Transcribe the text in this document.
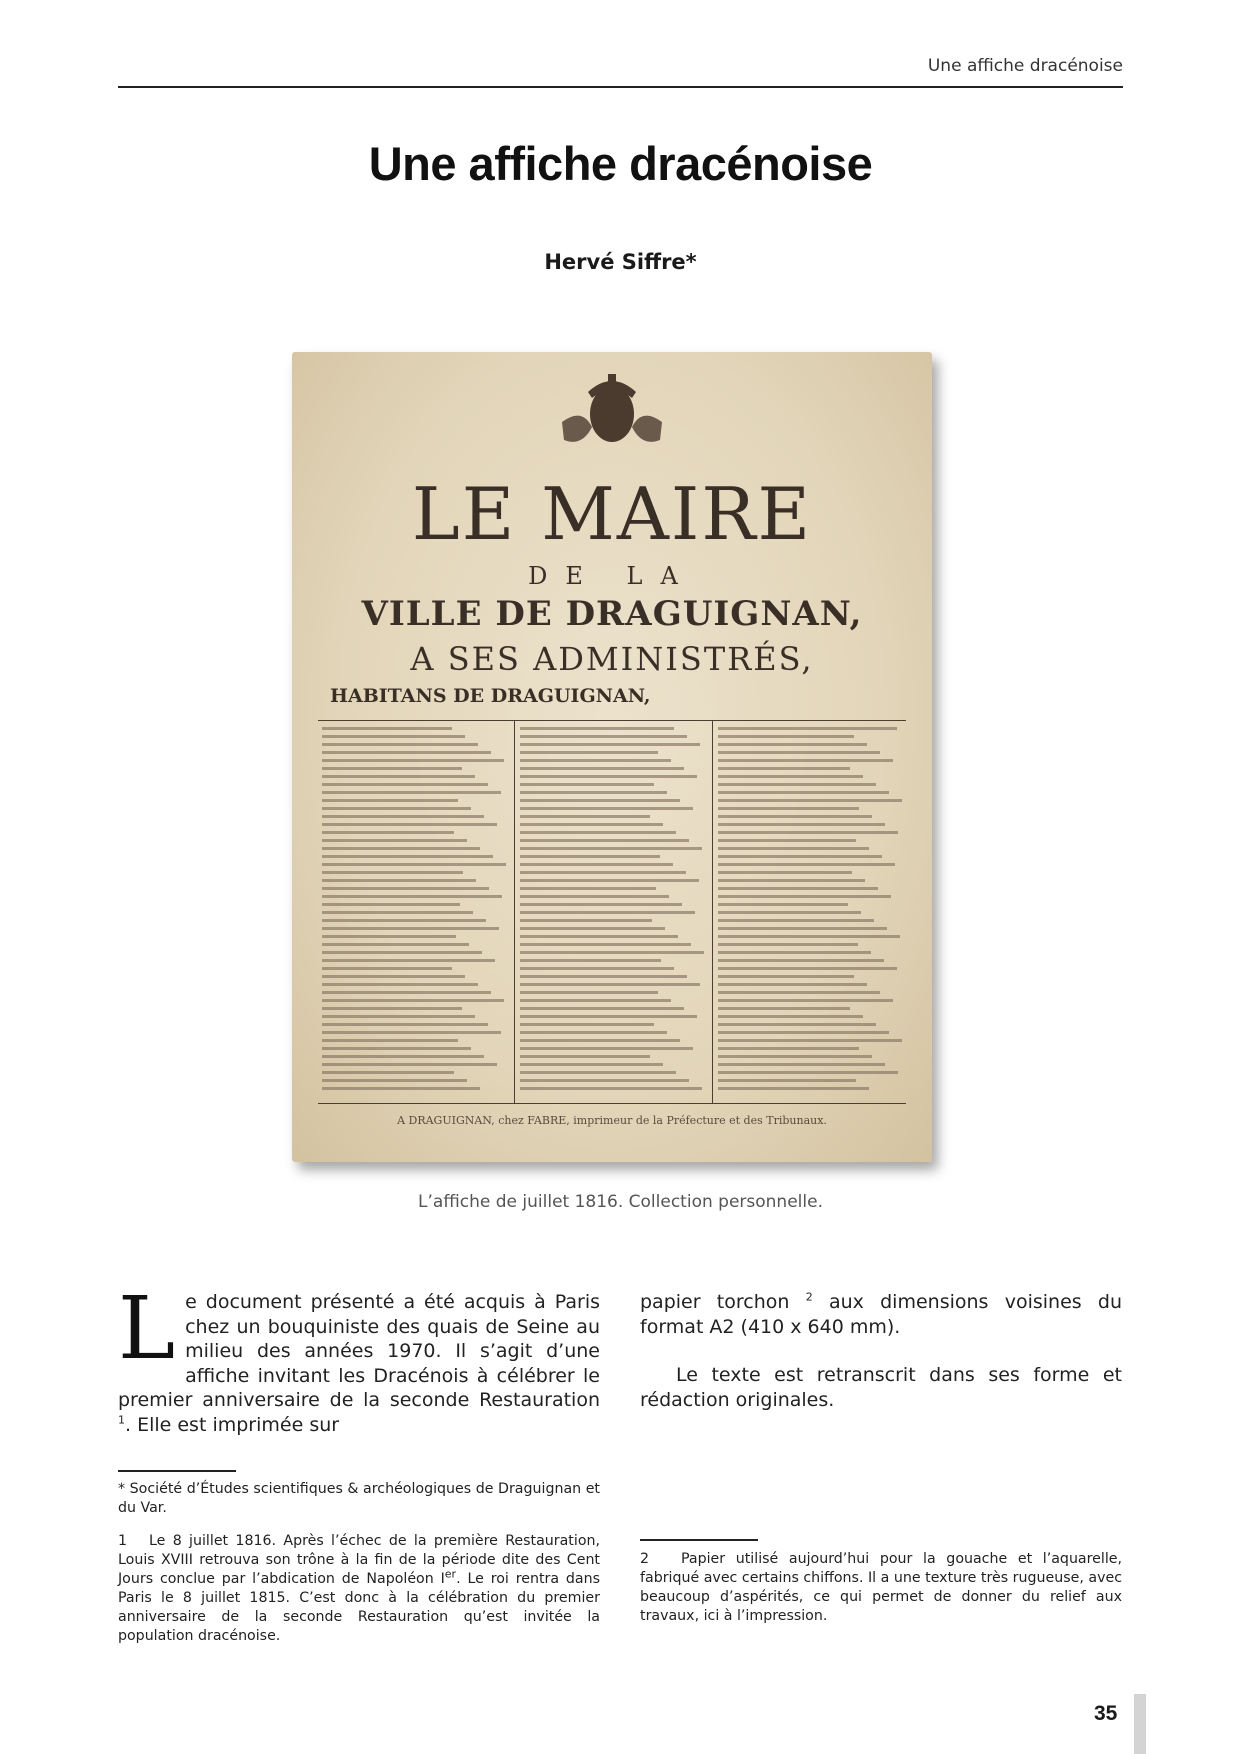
Une affiche dracénoise
Une affiche dracénoise
Hervé Siffre*
LE MAIRE
DE LA
VILLE DE DRAGUIGNAN,
A SES ADMINISTRÉS,
HABITANS DE DRAGUIGNAN,
A DRAGUIGNAN, chez FABRE, imprimeur de la Préfecture et des Tribunaux.
L’affiche de juillet 1816. Collection personnelle.
Le document présenté a été acquis à Paris chez un bouquiniste des quais de Seine au milieu des années 1970. Il s’agit d’une affiche invitant les Dracénois à célébrer le premier anniversaire de la seconde Restauration $^1$. Elle est imprimée sur
papier torchon $^2$ aux dimensions voisines du format A2 (410 x 640 mm).
Le texte est retranscrit dans ses forme et rédaction originales.
* Société d’Études scientifiques & archéologiques de Draguignan et du Var.
1 Le 8 juillet 1816. Après l’échec de la première Restauration, Louis XVIII retrouva son trône à la fin de la période dite des Cent Jours conclue par l’abdication de Napoléon Ier. Le roi rentra dans Paris le 8 juillet 1815. C’est donc à la célébration du premier anniversaire de la seconde Restauration qu’est invitée la population dracénoise.
2 Papier utilisé aujourd’hui pour la gouache et l’aquarelle, fabriqué avec certains chiffons. Il a une texture très rugueuse, avec beaucoup d’aspérités, ce qui permet de donner du relief aux travaux, ici à l’impression.
35
